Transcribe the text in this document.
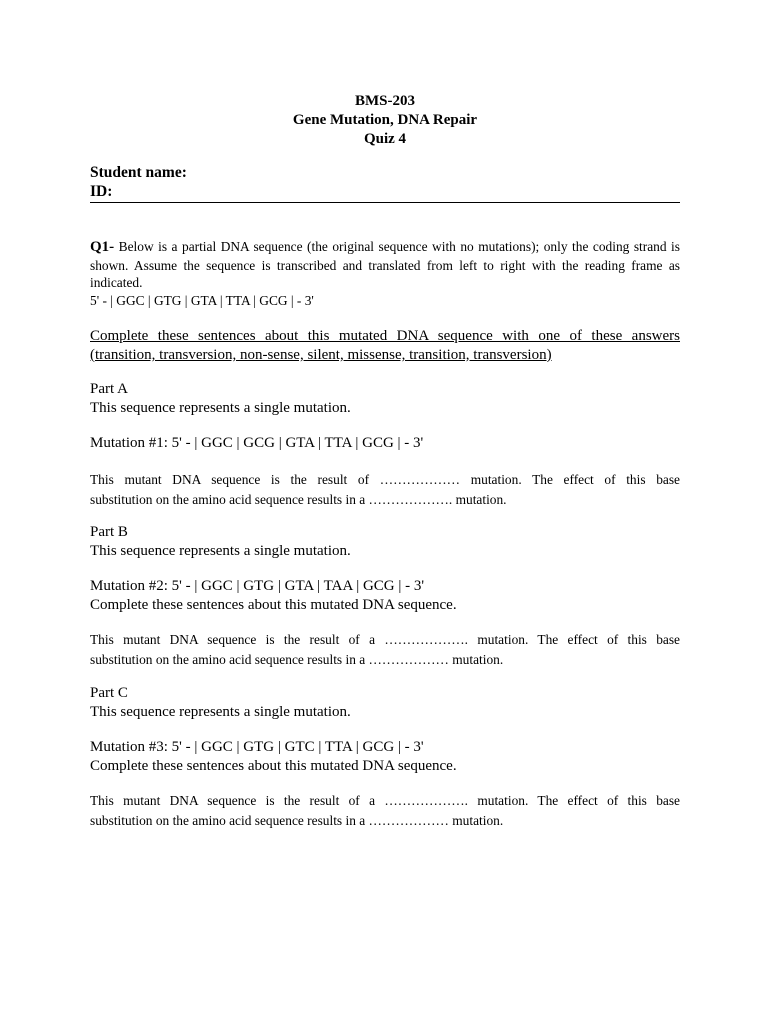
BMS-203
Gene Mutation, DNA Repair
Quiz 4
Student name:
ID:
Q1- Below is a partial DNA sequence (the original sequence with no mutations); only the coding strand is shown. Assume the sequence is transcribed and translated from left to right with the reading frame as indicated.
5' - | GGC | GTG | GTA | TTA | GCG | - 3'
Complete these sentences about this mutated DNA sequence with one of these answers (transition, transversion, non-sense, silent, missense, transition, transversion)
Part A
This sequence represents a single mutation.
Mutation #1: 5' - | GGC | GCG | GTA | TTA | GCG | - 3'
This mutant DNA sequence is the result of ……………… mutation. The effect of this base
substitution on the amino acid sequence results in a ………………. mutation.
Part B
This sequence represents a single mutation.
Mutation #2: 5' - | GGC | GTG | GTA | TAA | GCG | - 3'
Complete these sentences about this mutated DNA sequence.
This mutant DNA sequence is the result of a ………………. mutation. The effect of this base
substitution on the amino acid sequence results in a ……………… mutation.
Part C
This sequence represents a single mutation.
Mutation #3: 5' - | GGC | GTG | GTC | TTA | GCG | - 3'
Complete these sentences about this mutated DNA sequence.
This mutant DNA sequence is the result of a ………………. mutation. The effect of this base
substitution on the amino acid sequence results in a ……………… mutation.
